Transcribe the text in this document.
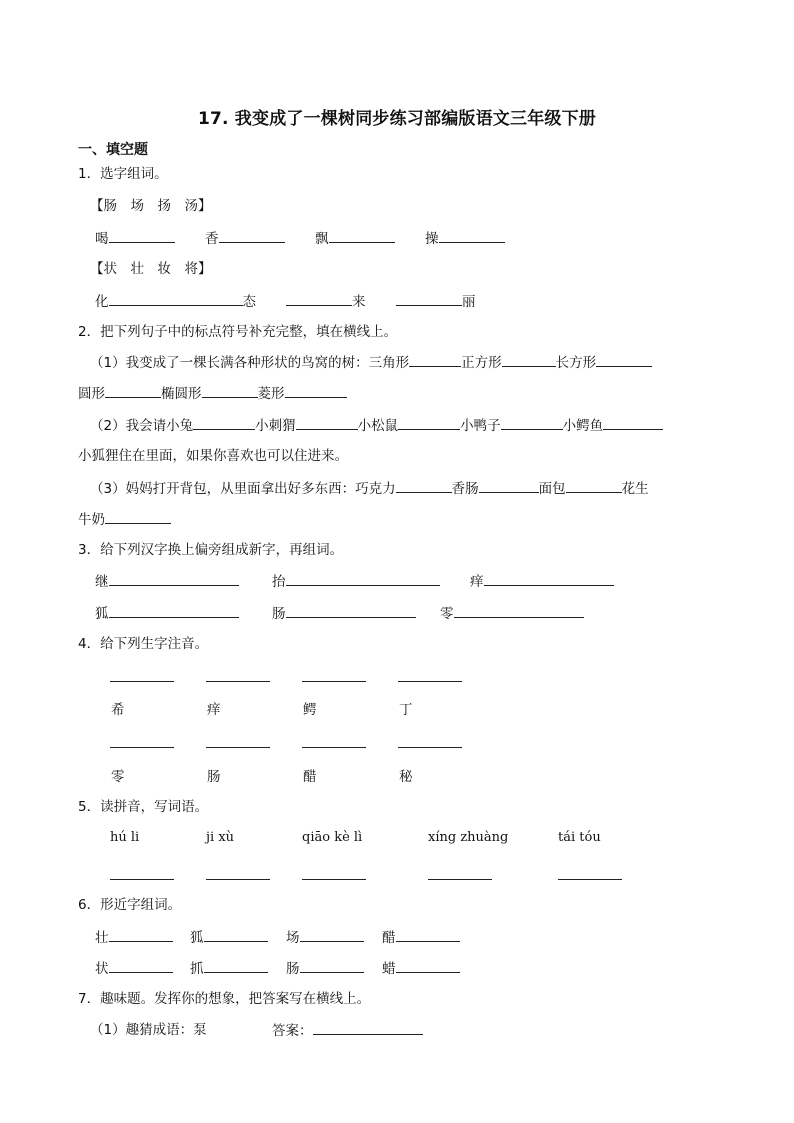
17. 我变成了一棵树同步练习部编版语文三年级下册
一、填空题
1．选字组词。
【肠　场　扬　汤】
喝	香	飘	操
【状　壮　妆　将】
化	态	来	丽
2．把下列句子中的标点符号补充完整，填在横线上。
（1）我变成了一棵长满各种形状的鸟窝的树：三角形	正方形	长方形
圆形	椭圆形	菱形
（2）我会请小兔	小刺猬	小松鼠	小鸭子	小鳄鱼
小狐狸住在里面，如果你喜欢也可以住进来。
（3）妈妈打开背包，从里面拿出好多东西：巧克力	香肠	面包	花生
牛奶
3．给下列汉字换上偏旁组成新字，再组词。
继	抬	痒
狐	肠	零
4．给下列生字注音。
希	痒	鳄	丁
零	肠	醋	秘
5．读拼音，写词语。
hú li	ji xù	qiāo kè lì	xíng zhuàng	tái tóu
6．形近字组词。
壮	狐	场	醋
状	抓	肠	蜡
7．趣味题。发挥你的想象，把答案写在横线上。
（1）趣猜成语：泵	答案：
